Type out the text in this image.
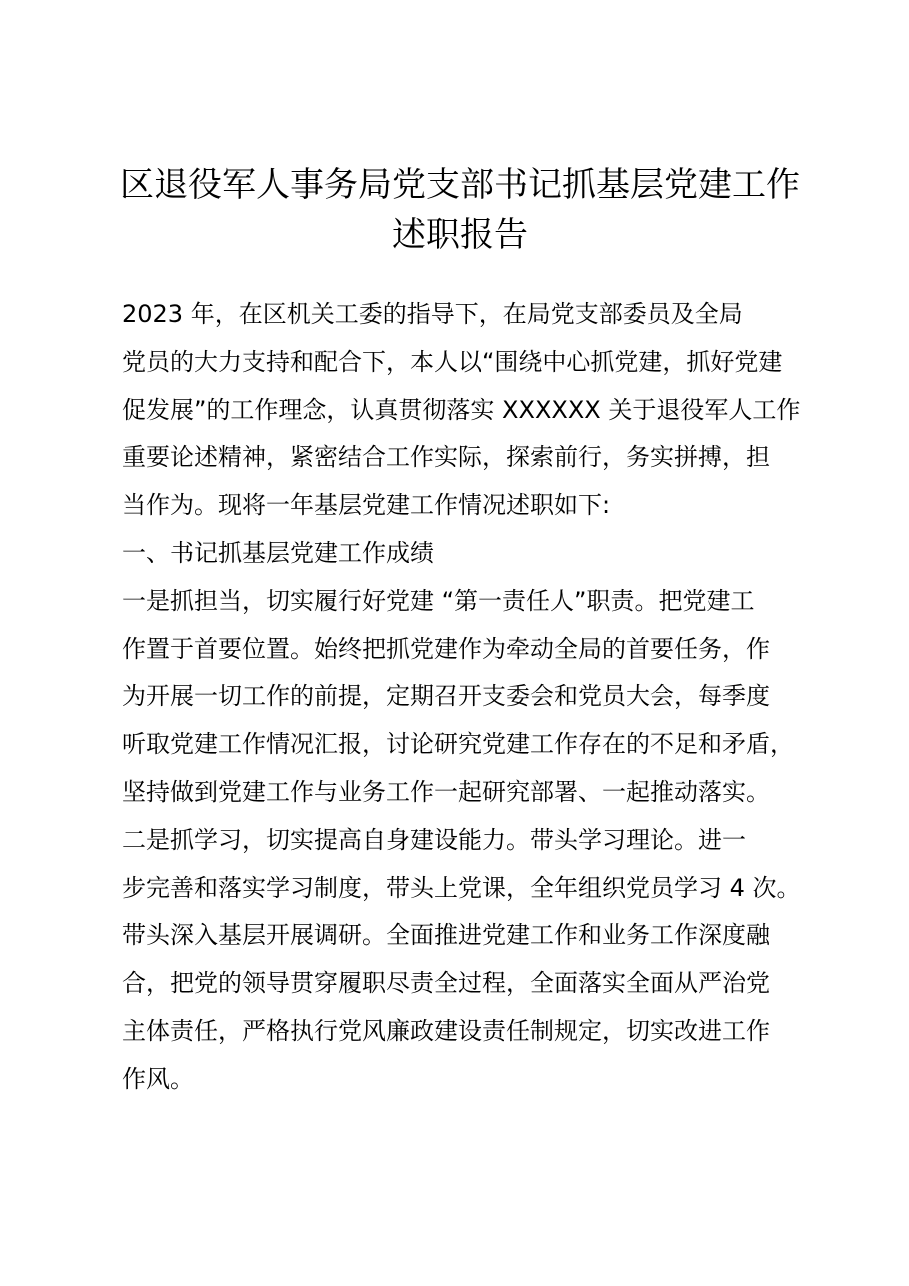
区退役军人事务局党支部书记抓基层党建工作
述职报告

2023 年，在区机关工委的指导下，在局党支部委员及全局
党员的大力支持和配合下，本人以“围绕中心抓党建，抓好党建
促发展”的工作理念，认真贯彻落实 XXXXXX 关于退役军人工作
重要论述精神，紧密结合工作实际，探索前行，务实拼搏，担
当作为。现将一年基层党建工作情况述职如下:

一、书记抓基层党建工作成绩

一是抓担当，切实履行好党建 “第一责任人”职责。把党建工
作置于首要位置。始终把抓党建作为牵动全局的首要任务，作
为开展一切工作的前提，定期召开支委会和党员大会，每季度
听取党建工作情况汇报，讨论研究党建工作存在的不足和矛盾，
坚持做到党建工作与业务工作一起研究部署、一起推动落实。

二是抓学习，切实提高自身建设能力。带头学习理论。进一
步完善和落实学习制度，带头上党课，全年组织党员学习 4 次。
带头深入基层开展调研。全面推进党建工作和业务工作深度融
合，把党的领导贯穿履职尽责全过程，全面落实全面从严治党
主体责任，严格执行党风廉政建设责任制规定，切实改进工作
作风。
